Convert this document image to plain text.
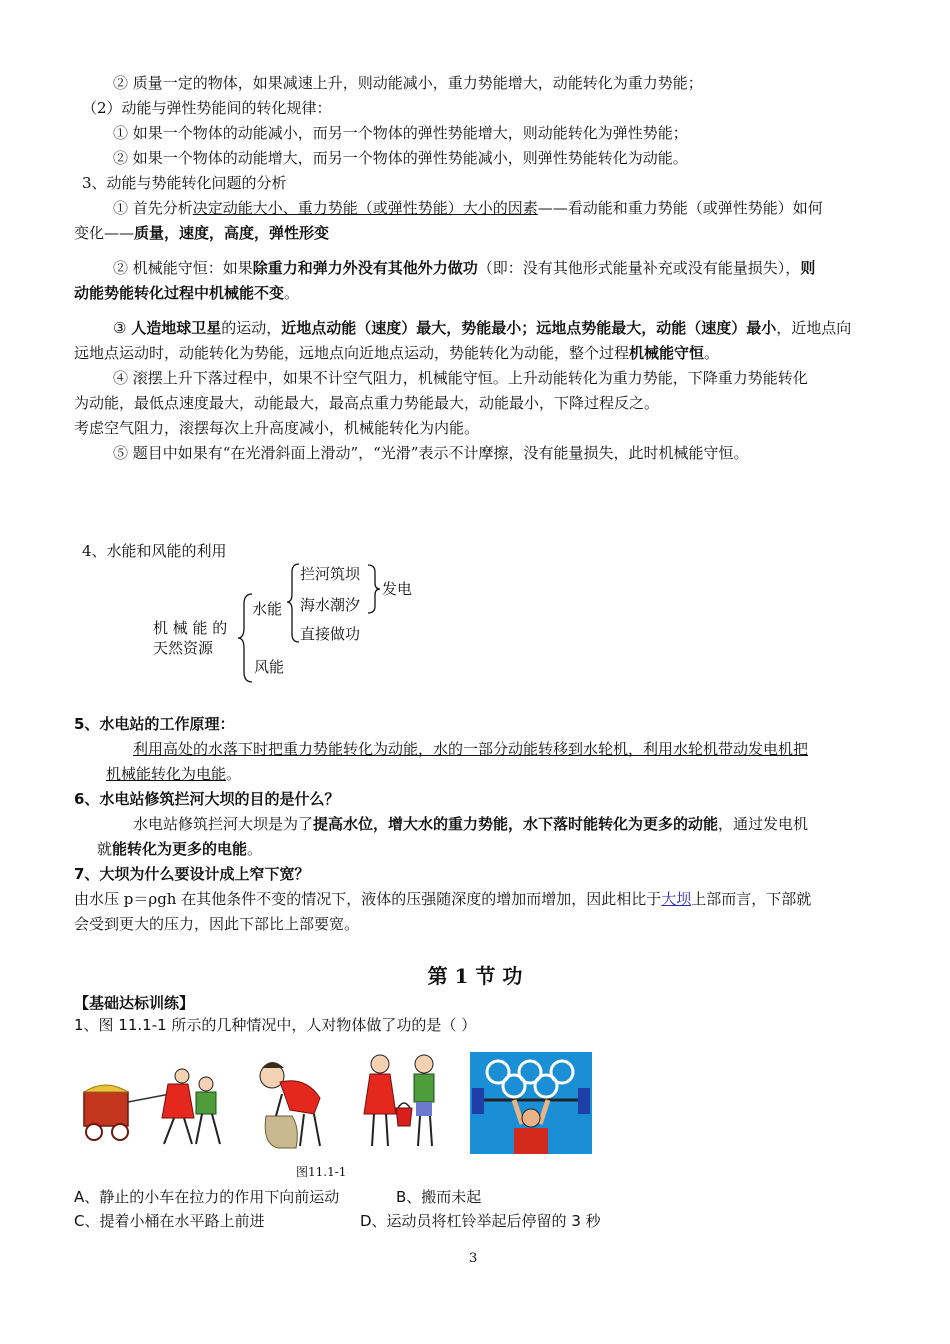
② 质量一定的物体，如果减速上升，则动能减小，重力势能增大，动能转化为重力势能；
（2）动能与弹性势能间的转化规律：
① 如果一个物体的动能减小，而另一个物体的弹性势能增大，则动能转化为弹性势能；
② 如果一个物体的动能增大，而另一个物体的弹性势能减小，则弹性势能转化为动能。
3、动能与势能转化问题的分析
① 首先分析决定动能大小、重力势能（或弹性势能）大小的因素——看动能和重力势能（或弹性势能）如何
变化——质量，速度，高度，弹性形变
② 机械能守恒：如果除重力和弹力外没有其他外力做功（即：没有其他形式能量补充或没有能量损失），则
动能势能转化过程中机械能不变。
③ 人造地球卫星的运动，近地点动能（速度）最大，势能最小；远地点势能最大，动能（速度）最小，近地点向
远地点运动时，动能转化为势能，远地点向近地点运动，势能转化为动能，整个过程机械能守恒。
④ 滚摆上升下落过程中，如果不计空气阻力，机械能守恒。上升动能转化为重力势能，下降重力势能转化
为动能，最低点速度最大，动能最大，最高点重力势能最大，动能最小，下降过程反之。
考虑空气阻力，滚摆每次上升高度减小，机械能转化为内能。
⑤ 题目中如果有“在光滑斜面上滑动”，“光滑”表示不计摩擦，没有能量损失，此时机械能守恒。
4、水能和风能的利用
机 械 能 的
天然资源
水能
风能
拦河筑坝
海水潮汐
直接做功
发电
5、水电站的工作原理：
利用高处的水落下时把重力势能转化为动能，水的一部分动能转移到水轮机，利用水轮机带动发电机把
机械能转化为电能。
6、水电站修筑拦河大坝的目的是什么？
水电站修筑拦河大坝是为了提高水位，增大水的重力势能，水下落时能转化为更多的动能，通过发电机
就能转化为更多的电能。
7、大坝为什么要设计成上窄下宽？
由水压 p＝ρgh 在其他条件不变的情况下，液体的压强随深度的增加而增加，因此相比于大坝上部而言，下部就
会受到更大的压力，因此下部比上部要宽。
第 1 节 功
【基础达标训练】
1、图 11.1-1 所示的几种情况中，人对物体做了功的是（ ）
图11.1-1
A、静止的小车在拉力的作用下向前运动	B、搬而未起
C、提着小桶在水平路上前进	D、运动员将杠铃举起后停留的 3 秒
3
